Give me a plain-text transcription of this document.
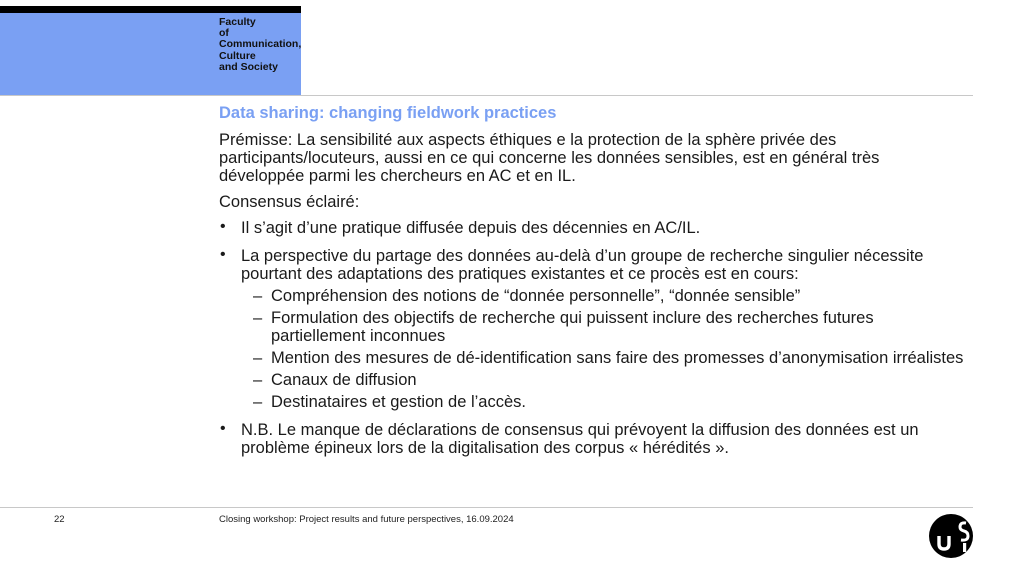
Faculty
of
Communication,
Culture
and Society
Data sharing: changing fieldwork practices

Prémisse: La sensibilité aux aspects éthiques e la protection de la sphère privée des participants/locuteurs, aussi en ce qui concerne les données sensibles, est en général très développée parmi les chercheurs en AC et en IL.

Consensus éclairé:

• Il s’agit d’une pratique diffusée depuis des décennies en AC/IL.
• La perspective du partage des données au-delà d’un groupe de recherche singulier nécessite pourtant des adaptations des pratiques existantes et ce procès est en cours:
– Compréhension des notions de “donnée personnelle”, “donnée sensible”
– Formulation des objectifs de recherche qui puissent inclure des recherches futures partiellement inconnues
– Mention des mesures de dé-identification sans faire des promesses d’anonymisation irréalistes
– Canaux de diffusion
– Destinataires et gestion de l’accès.
• N.B. Le manque de déclarations de consensus qui prévoyent la diffusion des données est un problème épineux lors de la digitalisation des corpus « hérédités ».
22	Closing workshop: Project results and future perspectives, 16.09.2024
